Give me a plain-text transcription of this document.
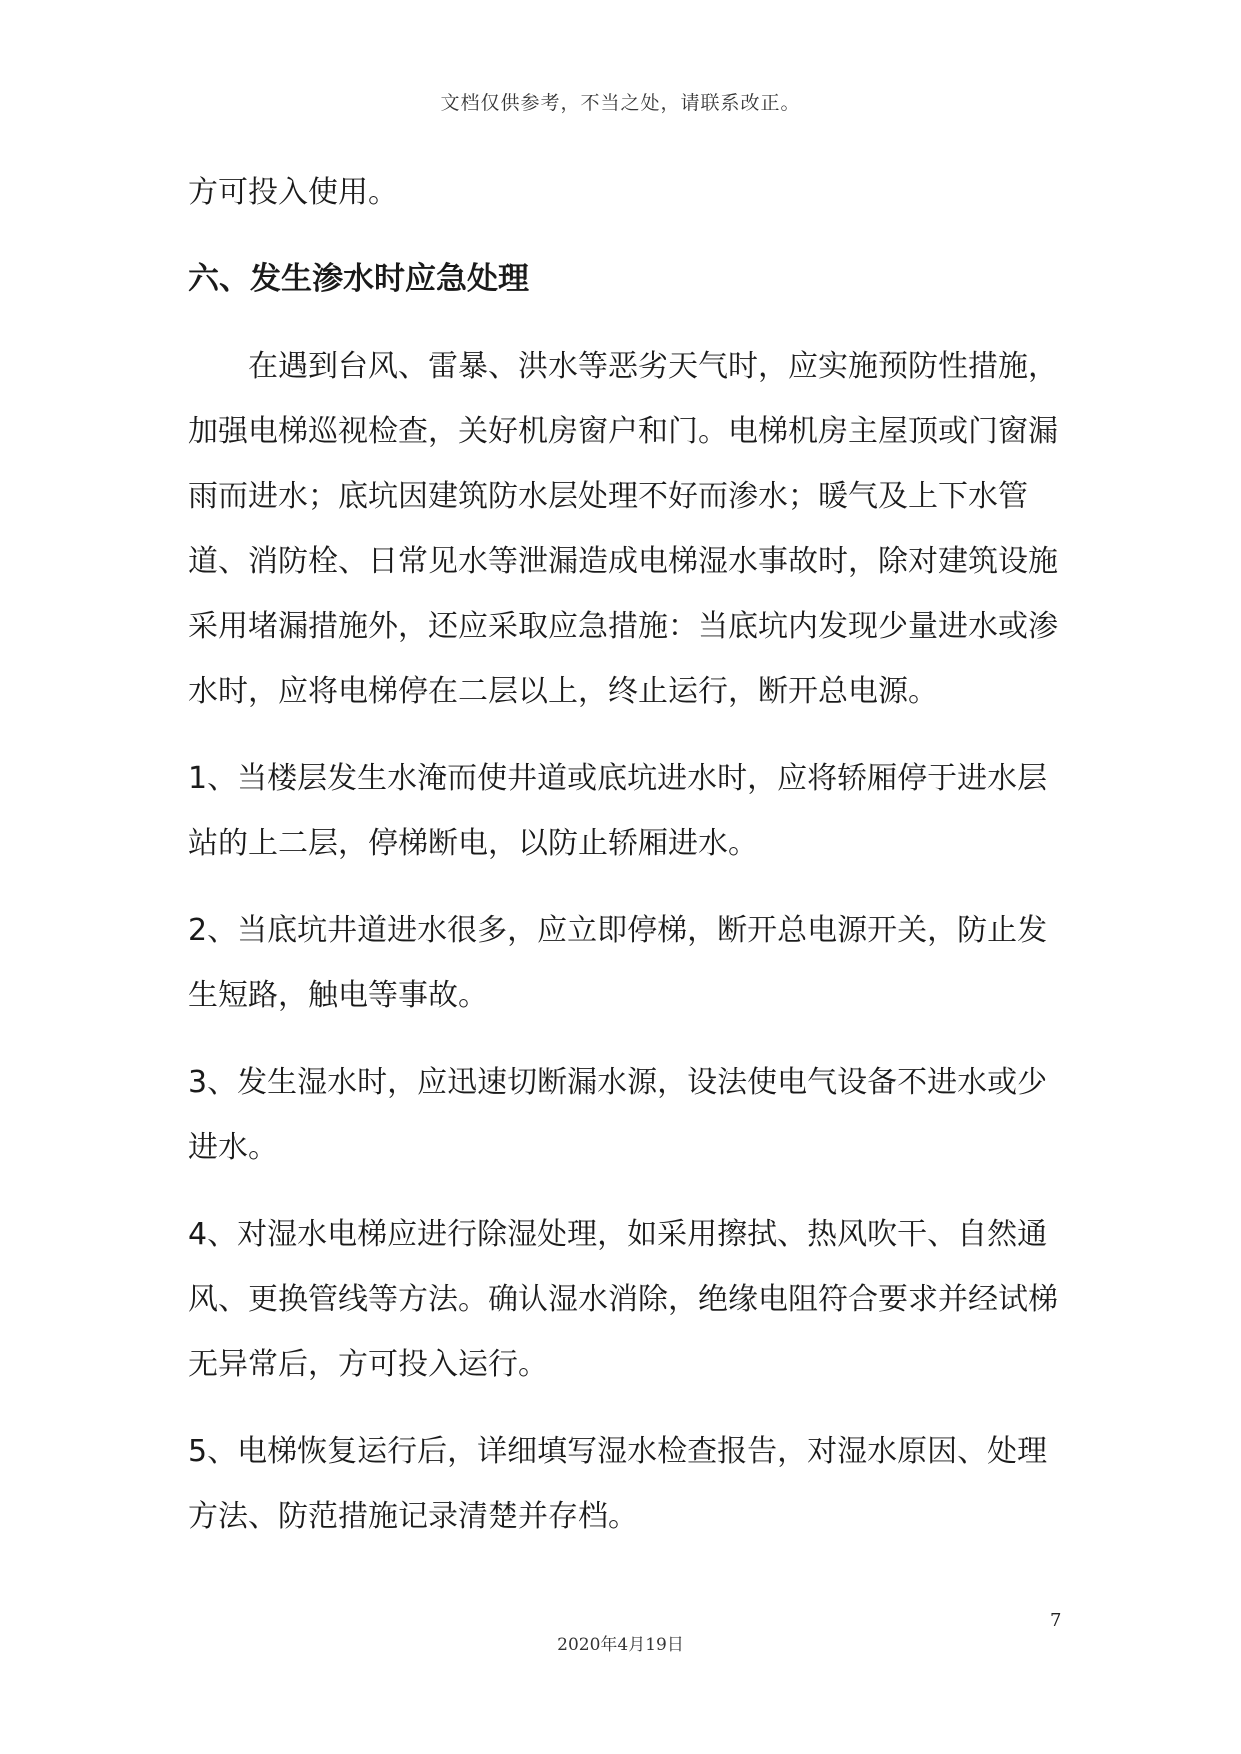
文档仅供参考，不当之处，请联系改正。

方可投入使用。

六、发生渗水时应急处理

在遇到台风、雷暴、洪水等恶劣天气时，应实施预防性措施，加强电梯巡视检查，关好机房窗户和门。电梯机房主屋顶或门窗漏雨而进水；底坑因建筑防水层处理不好而渗水；暖气及上下水管道、消防栓、日常见水等泄漏造成电梯湿水事故时，除对建筑设施采用堵漏措施外，还应采取应急措施：当底坑内发现少量进水或渗水时，应将电梯停在二层以上，终止运行，断开总电源。

1、当楼层发生水淹而使井道或底坑进水时，应将轿厢停于进水层站的上二层，停梯断电，以防止轿厢进水。

2、当底坑井道进水很多，应立即停梯，断开总电源开关，防止发生短路，触电等事故。

3、发生湿水时，应迅速切断漏水源，设法使电气设备不进水或少进水。

4、对湿水电梯应进行除湿处理，如采用擦拭、热风吹干、自然通风、更换管线等方法。确认湿水消除，绝缘电阻符合要求并经试梯无异常后，方可投入运行。

5、电梯恢复运行后，详细填写湿水检查报告，对湿水原因、处理方法、防范措施记录清楚并存档。

7
2020年4月19日
